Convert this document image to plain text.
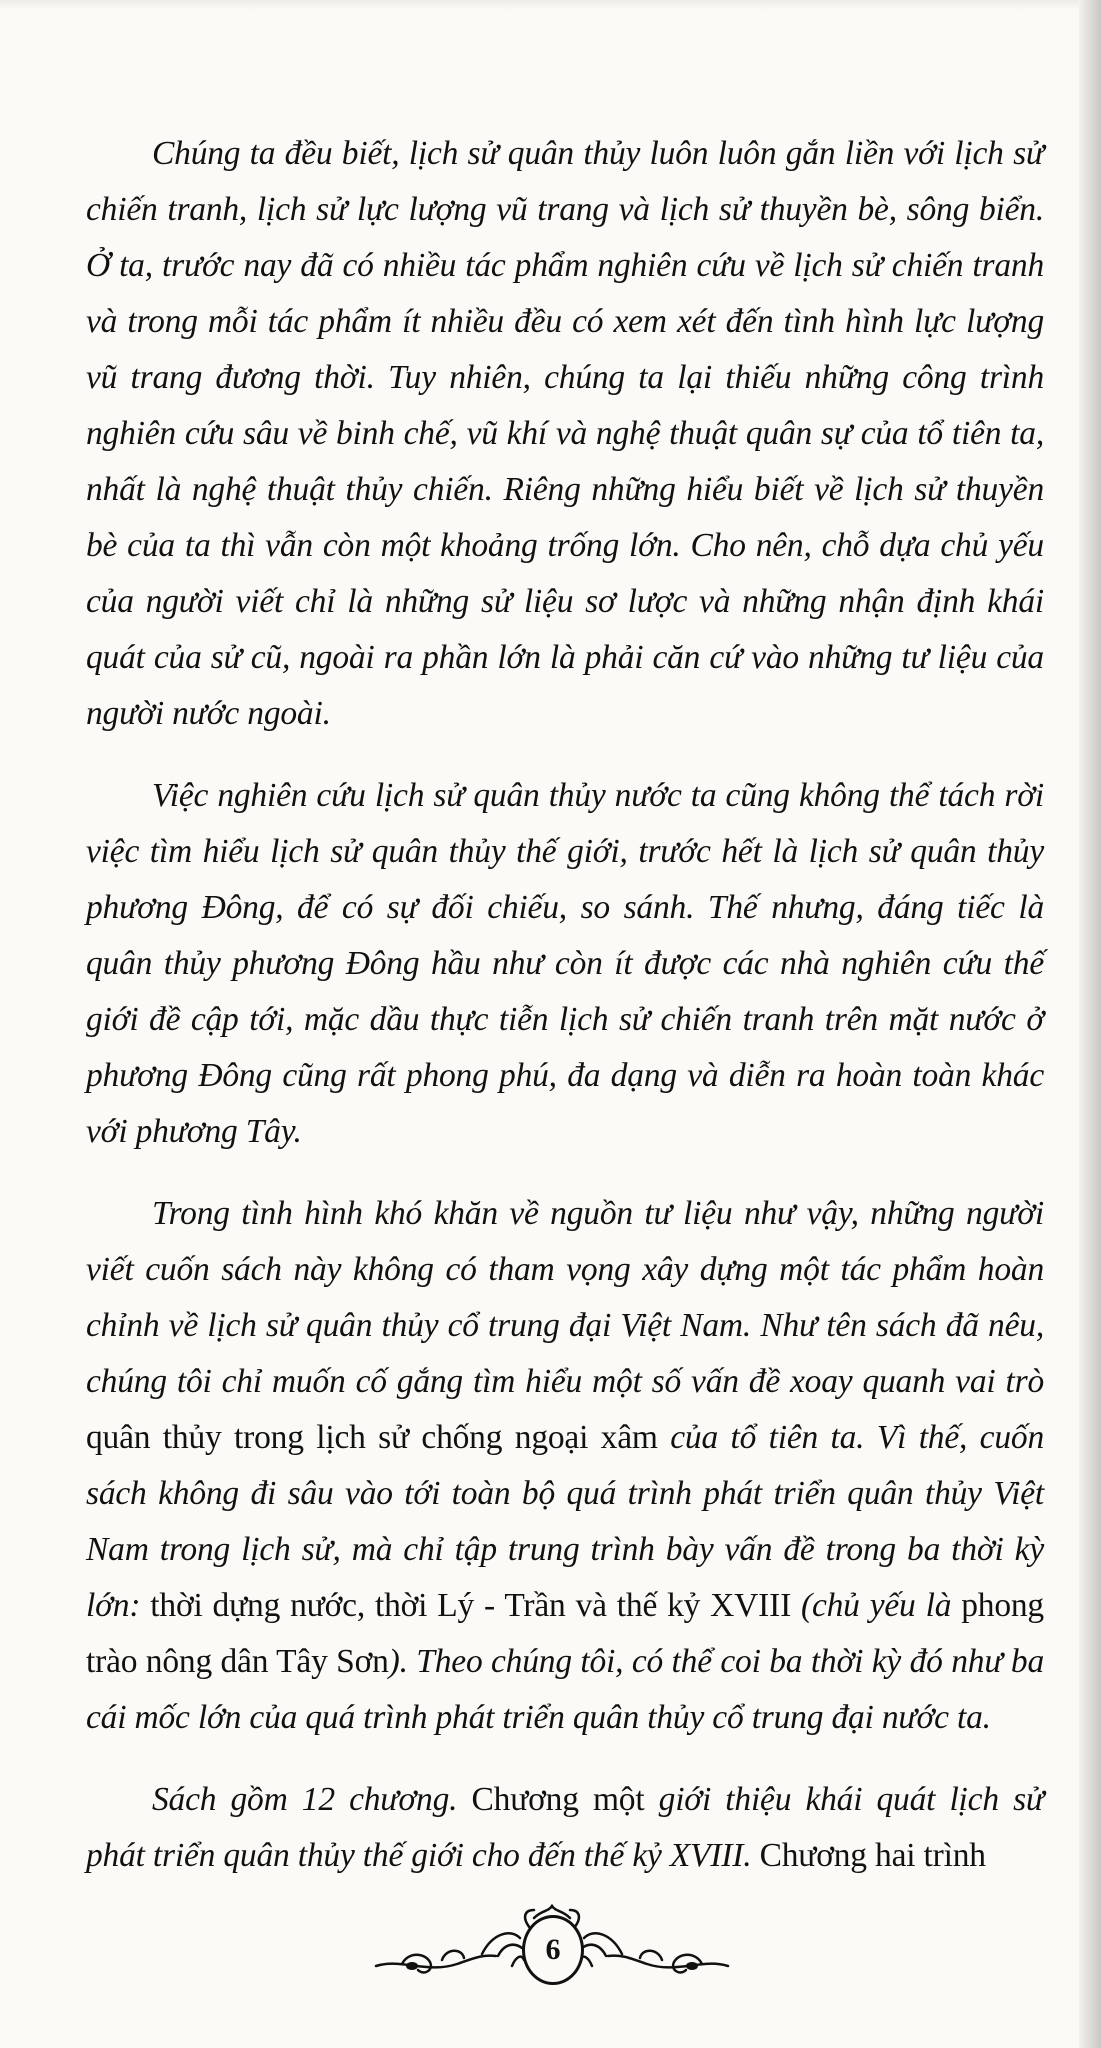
Chúng ta đều biết, lịch sử quân thủy luôn luôn gắn liền với lịch sử chiến tranh, lịch sử lực lượng vũ trang và lịch sử thuyền bè, sông biển. Ở ta, trước nay đã có nhiều tác phẩm nghiên cứu về lịch sử chiến tranh và trong mỗi tác phẩm ít nhiều đều có xem xét đến tình hình lực lượng vũ trang đương thời. Tuy nhiên, chúng ta lại thiếu những công trình nghiên cứu sâu về binh chế, vũ khí và nghệ thuật quân sự của tổ tiên ta, nhất là nghệ thuật thủy chiến. Riêng những hiểu biết về lịch sử thuyền bè của ta thì vẫn còn một khoảng trống lớn. Cho nên, chỗ dựa chủ yếu của người viết chỉ là những sử liệu sơ lược và những nhận định khái quát của sử cũ, ngoài ra phần lớn là phải căn cứ vào những tư liệu của người nước ngoài.

Việc nghiên cứu lịch sử quân thủy nước ta cũng không thể tách rời việc tìm hiểu lịch sử quân thủy thế giới, trước hết là lịch sử quân thủy phương Đông, để có sự đối chiếu, so sánh. Thế nhưng, đáng tiếc là quân thủy phương Đông hầu như còn ít được các nhà nghiên cứu thế giới đề cập tới, mặc dầu thực tiễn lịch sử chiến tranh trên mặt nước ở phương Đông cũng rất phong phú, đa dạng và diễn ra hoàn toàn khác với phương Tây.

Trong tình hình khó khăn về nguồn tư liệu như vậy, những người viết cuốn sách này không có tham vọng xây dựng một tác phẩm hoàn chỉnh về lịch sử quân thủy cổ trung đại Việt Nam. Như tên sách đã nêu, chúng tôi chỉ muốn cố gắng tìm hiểu một số vấn đề xoay quanh vai trò quân thủy trong lịch sử chống ngoại xâm của tổ tiên ta. Vì thế, cuốn sách không đi sâu vào tới toàn bộ quá trình phát triển quân thủy Việt Nam trong lịch sử, mà chỉ tập trung trình bày vấn đề trong ba thời kỳ lớn: thời dựng nước, thời Lý - Trần và thế kỷ XVIII (chủ yếu là phong trào nông dân Tây Sơn). Theo chúng tôi, có thể coi ba thời kỳ đó như ba cái mốc lớn của quá trình phát triển quân thủy cổ trung đại nước ta.

Sách gồm 12 chương. Chương một giới thiệu khái quát lịch sử phát triển quân thủy thế giới cho đến thế kỷ XVIII. Chương hai trình

6
